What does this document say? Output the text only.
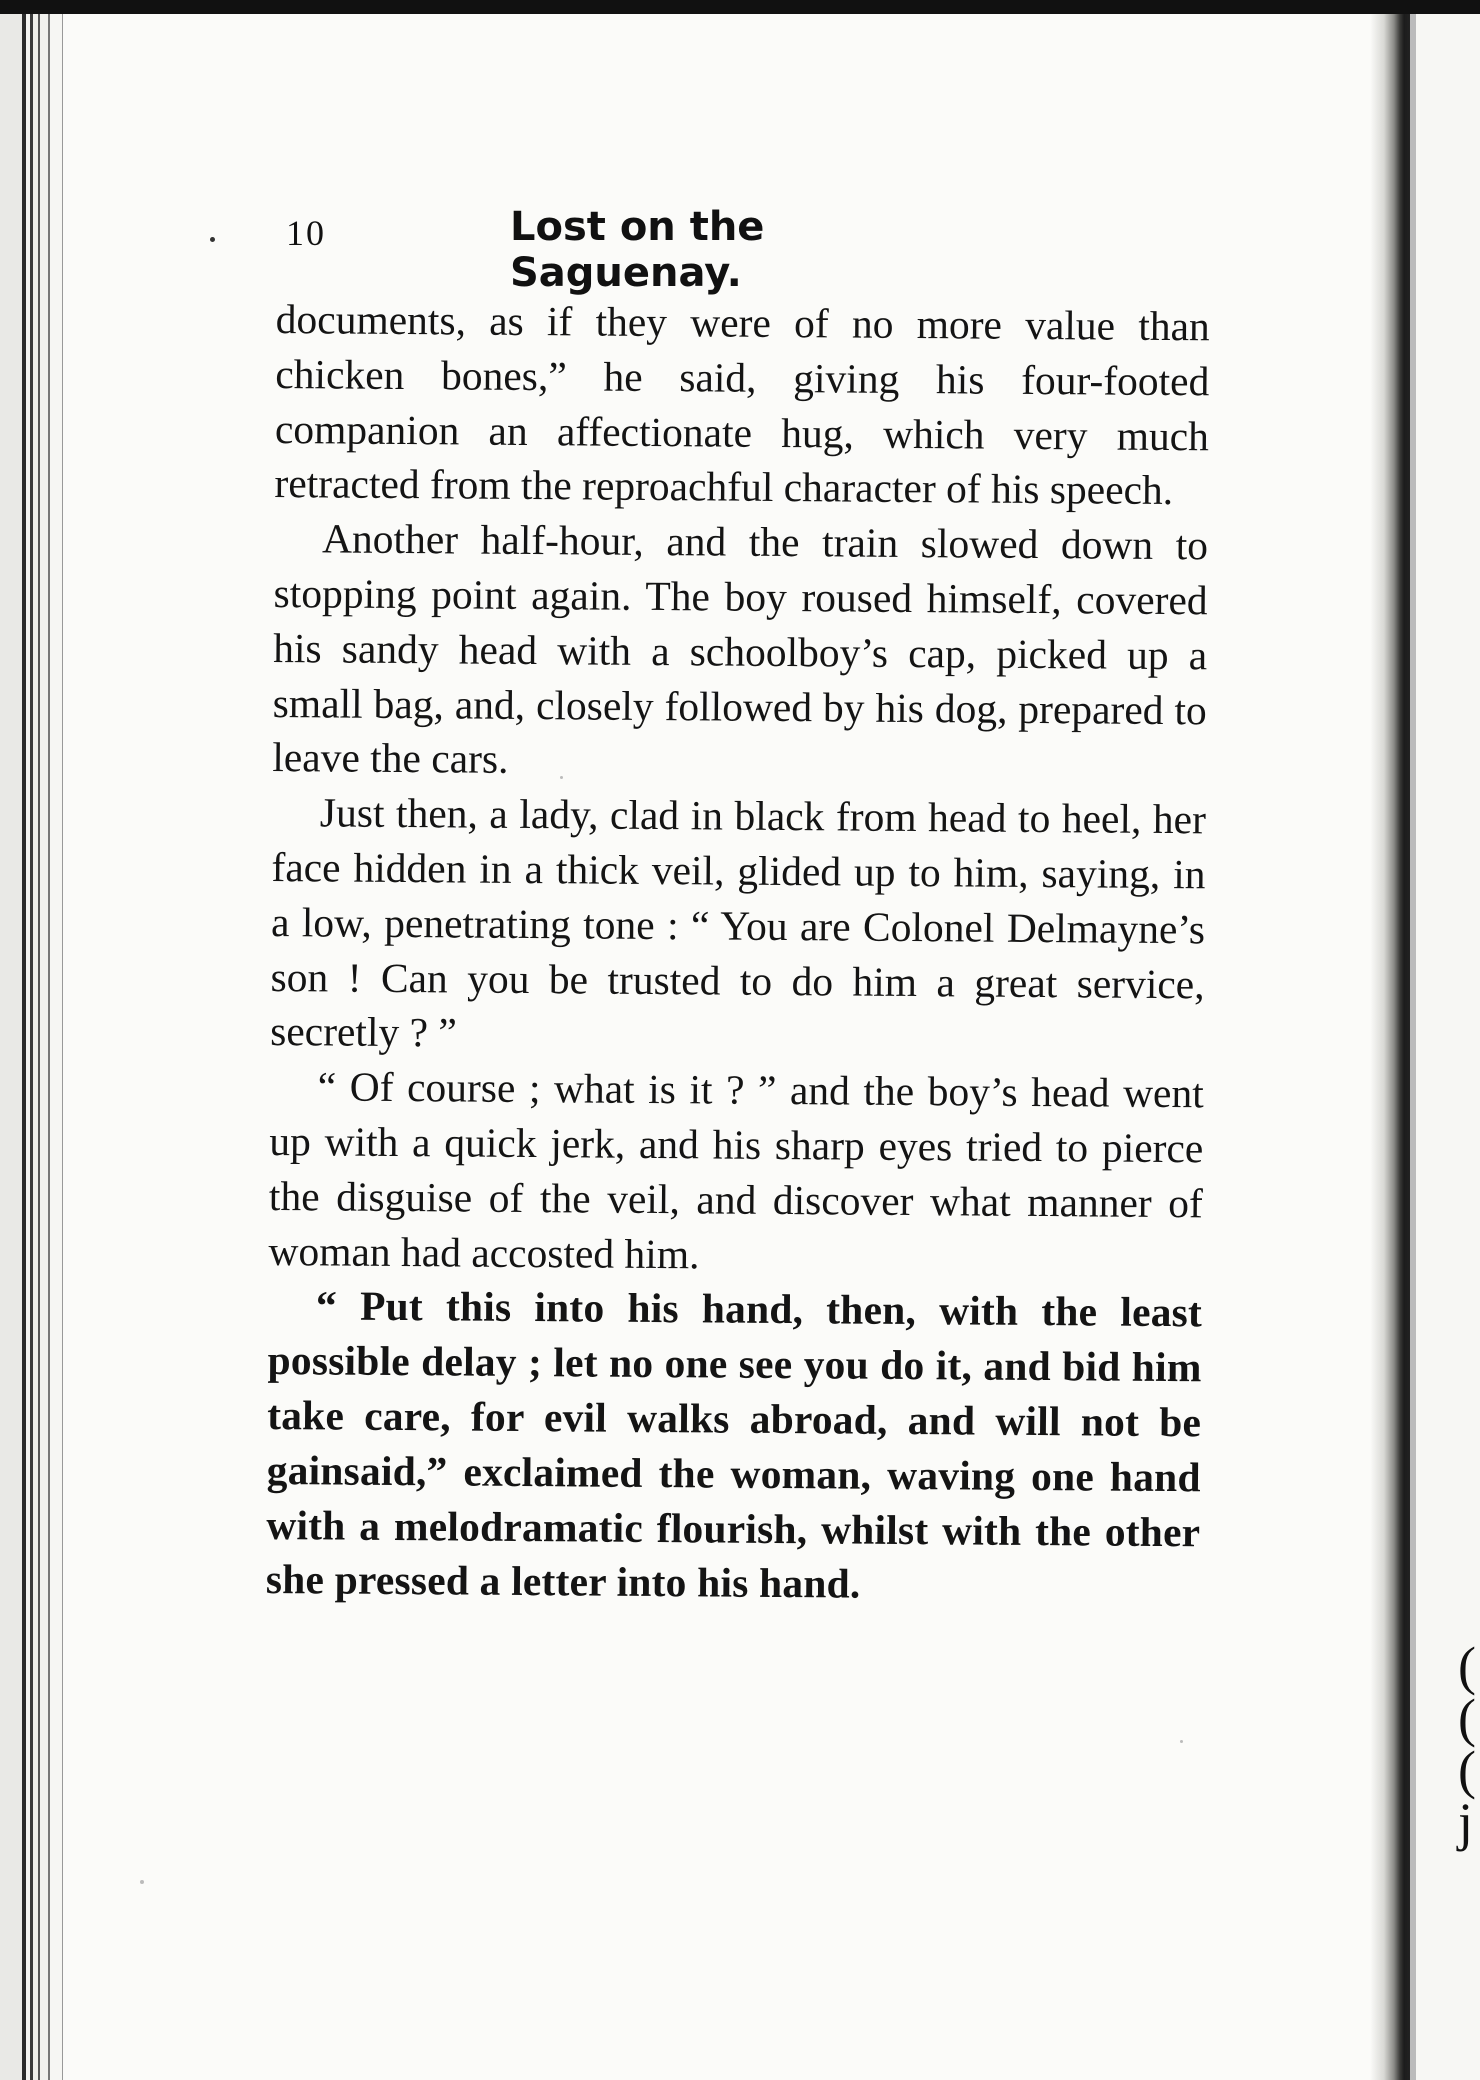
(
(
(
j
10	Lost on the Saguenay.

documents, as if they were of no more value than chicken bones,” he said, giving his four-footed companion an affectionate hug, which very much retracted from the reproachful character of his speech.

Another half-hour, and the train slowed down to stopping point again. The boy roused himself, covered his sandy head with a schoolboy’s cap, picked up a small bag, and, closely followed by his dog, prepared to leave the cars.

Just then, a lady, clad in black from head to heel, her face hidden in a thick veil, glided up to him, saying, in a low, penetrating tone : “ You are Colonel Delmayne’s son ! Can you be trusted to do him a great service, secretly ? ”

“ Of course ; what is it ? ” and the boy’s head went up with a quick jerk, and his sharp eyes tried to pierce the disguise of the veil, and discover what manner of woman had accosted him.

“ Put this into his hand, then, with the least possible delay ; let no one see you do it, and bid him take care, for evil walks abroad, and will not be gainsaid,” exclaimed the woman, waving one hand with a melodramatic flourish, whilst with the other she pressed a letter into his hand.
